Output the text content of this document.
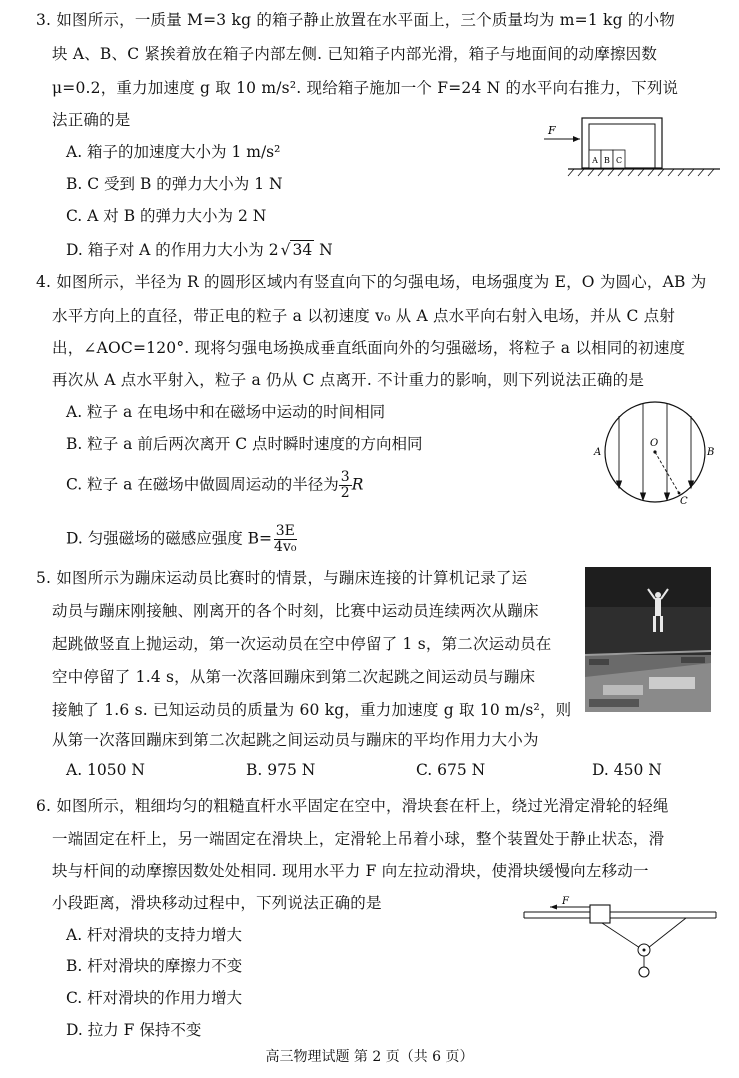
3. 如图所示，一质量 M=3 kg 的箱子静止放置在水平面上，三个质量均为 m=1 kg 的小物
块 A、B、C 紧挨着放在箱子内部左侧. 已知箱子内部光滑，箱子与地面间的动摩擦因数
μ=0.2，重力加速度 g 取 10 m/s². 现给箱子施加一个 F=24 N 的水平向右推力，下列说
法正确的是
A. 箱子的加速度大小为 1 m/s²
B. C 受到 B 的弹力大小为 1 N
C. A 对 B 的弹力大小为 2 N
D. 箱子对 A 的作用力大小为 2 √ 34 N
F
A B C
4. 如图所示，半径为 R 的圆形区域内有竖直向下的匀强电场，电场强度为 E，O 为圆心，AB 为
水平方向上的直径，带正电的粒子 a 以初速度 v₀ 从 A 点水平向右射入电场，并从 C 点射
出，∠AOC=120°. 现将匀强电场换成垂直纸面向外的匀强磁场，将粒子 a 以相同的初速度
再次从 A 点水平射入，粒子 a 仍从 C 点离开. 不计重力的影响，则下列说法正确的是
A. 粒子 a 在电场中和在磁场中运动的时间相同
B. 粒子 a 前后两次离开 C 点时瞬时速度的方向相同
C. 粒子 a 在磁场中做圆周运动的半径为 $\frac{3}{2}$ R
D. 匀强磁场的磁感应强度 $B= \frac{3E}{\text{4v₀}}$
A	B
O
C
5. 如图所示为蹦床运动员比赛时的情景，与蹦床连接的计算机记录了运
动员与蹦床刚接触、刚离开的各个时刻，比赛中运动员连续两次从蹦床
起跳做竖直上抛运动，第一次运动员在空中停留了 1 s，第二次运动员在
空中停留了 1.4 s，从第一次落回蹦床到第二次起跳之间运动员与蹦床
接触了 1.6 s. 已知运动员的质量为 60 kg，重力加速度 g 取 10 m/s²，则
从第一次落回蹦床到第二次起跳之间运动员与蹦床的平均作用力大小为
A. 1050 N	B. 975 N	C. 675 N	D. 450 N
6. 如图所示，粗细均匀的粗糙直杆水平固定在空中，滑块套在杆上，绕过光滑定滑轮的轻绳
一端固定在杆上，另一端固定在滑块上，定滑轮上吊着小球，整个装置处于静止状态，滑
块与杆间的动摩擦因数处处相同. 现用水平力 F 向左拉动滑块，使滑块缓慢向左移动一
小段距离，滑块移动过程中，下列说法正确的是
A. 杆对滑块的支持力增大
B. 杆对滑块的摩擦力不变
C. 杆对滑块的作用力增大
D. 拉力 F 保持不变
F
高三物理试题 第 2 页（共 6 页）
